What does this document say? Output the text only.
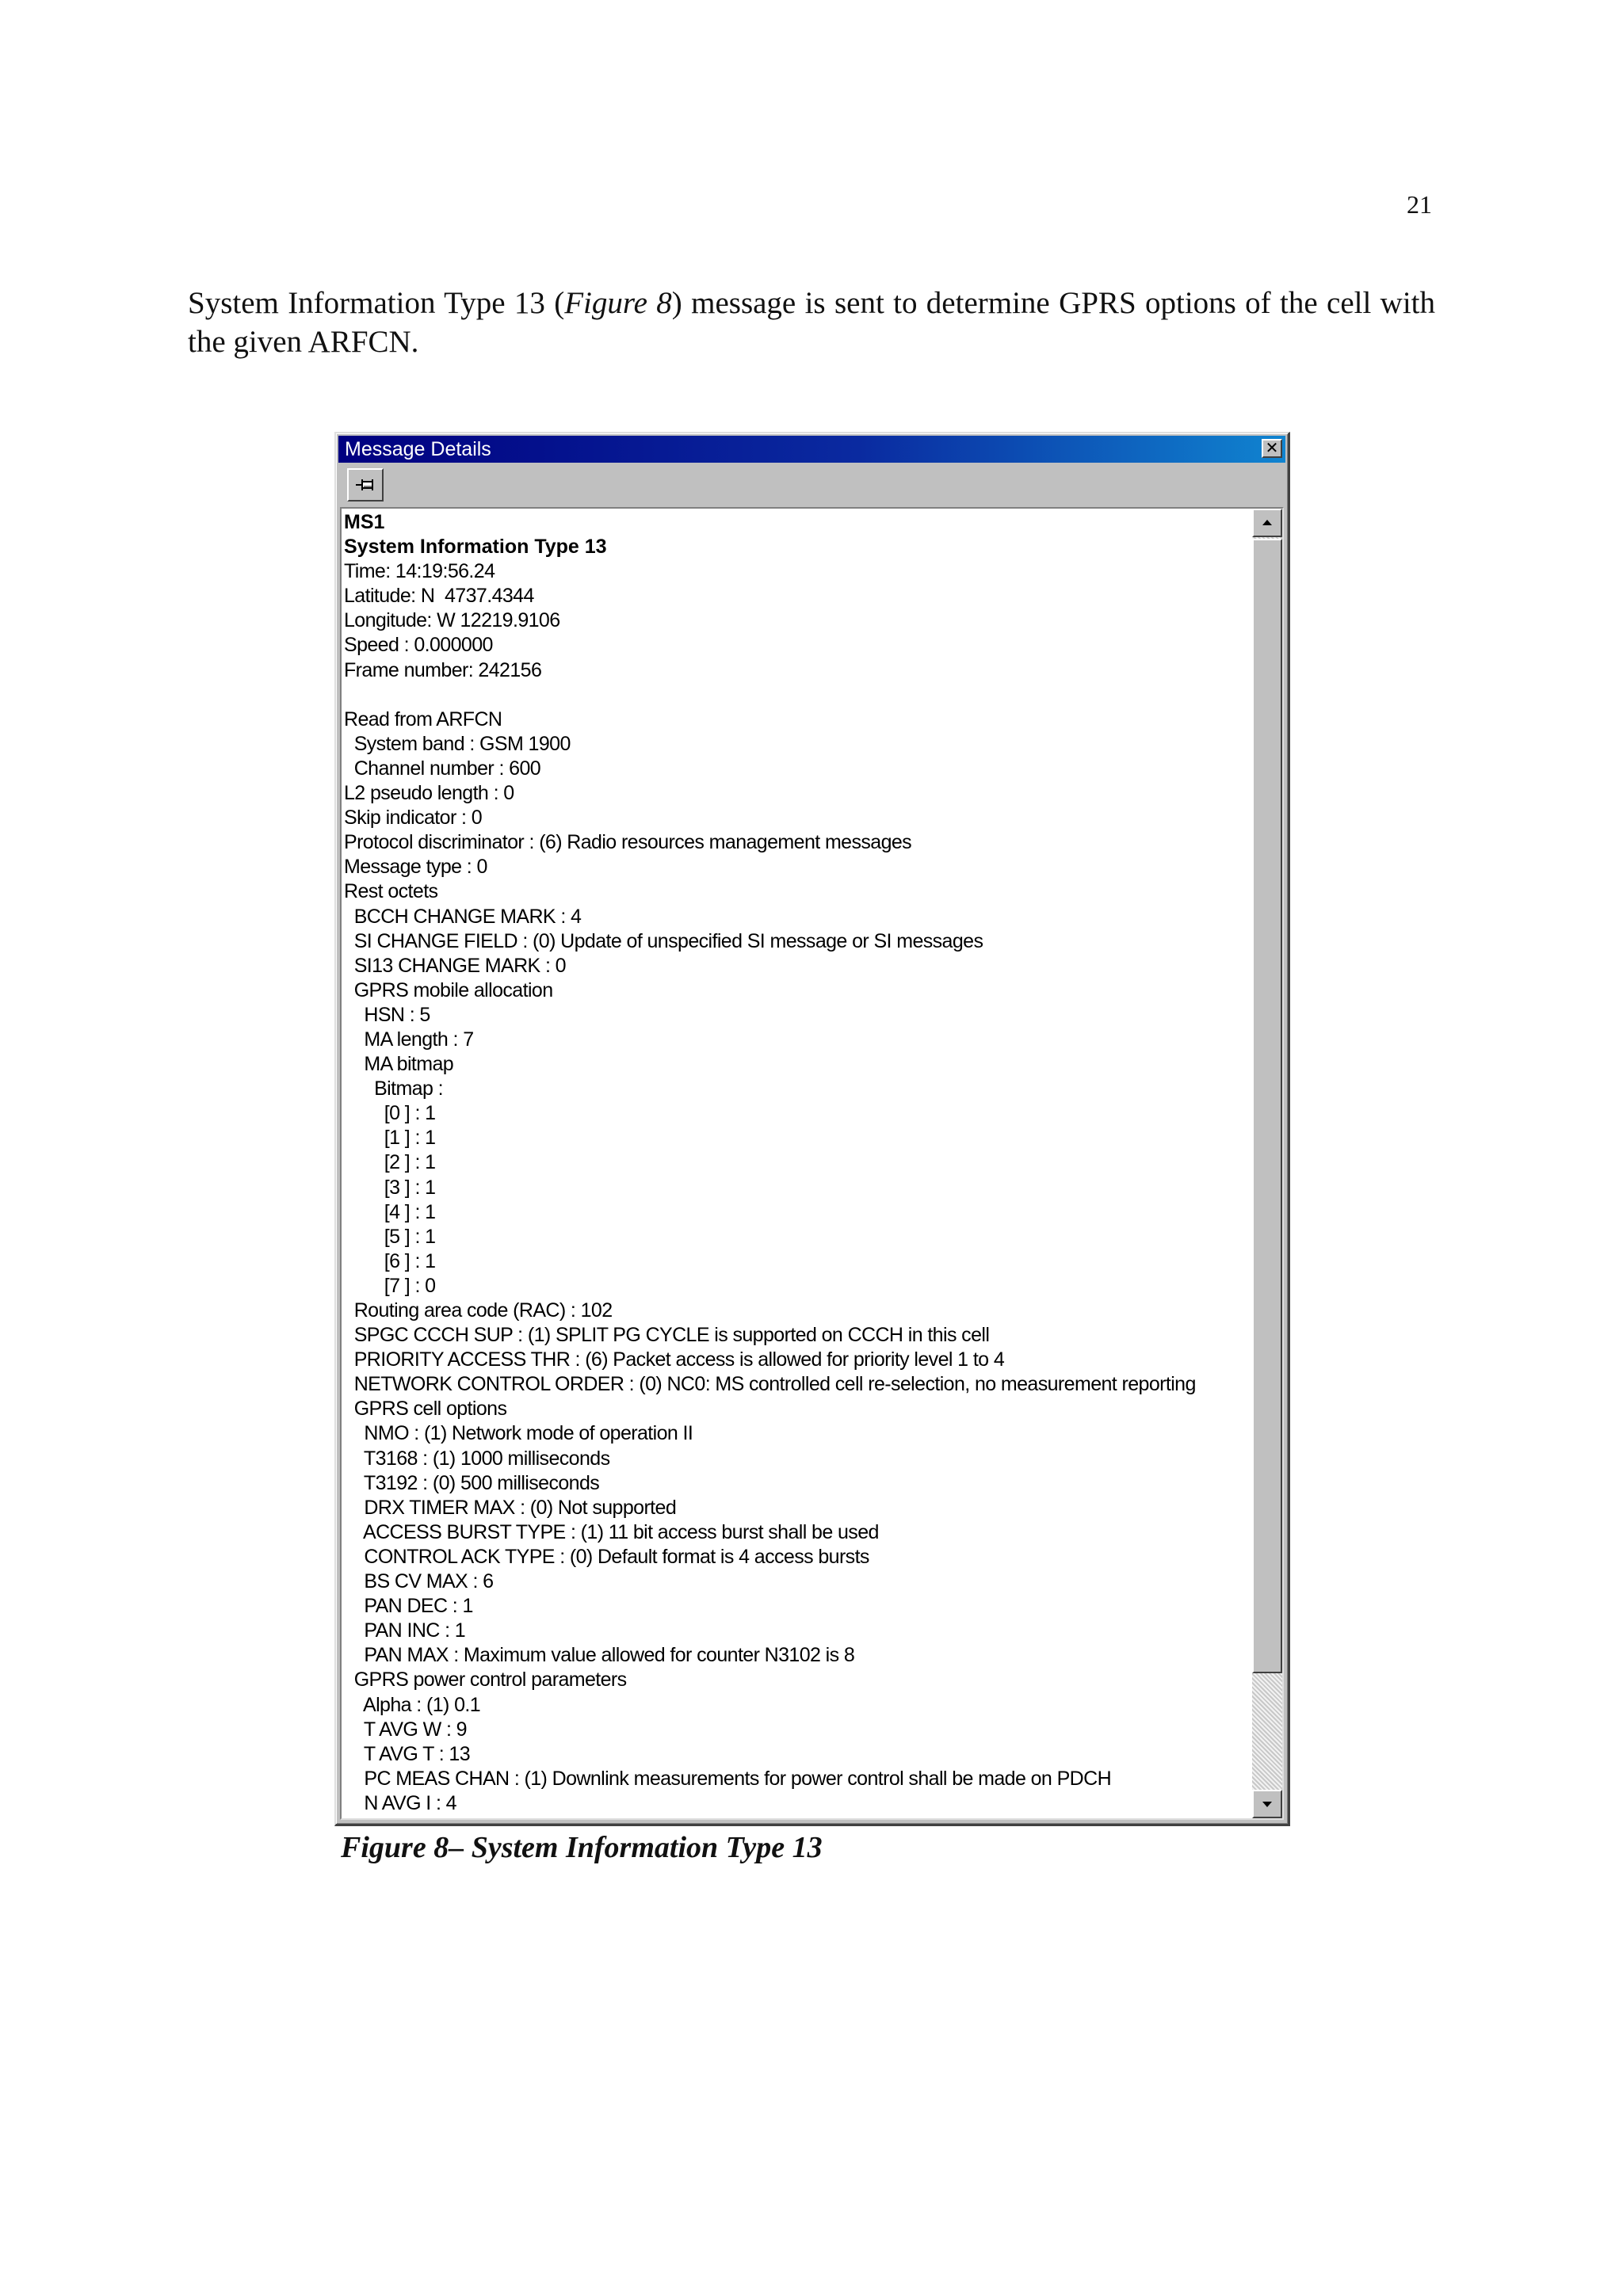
21
System Information Type 13 (Figure 8) message is sent to determine GPRS options of the cell with the given ARFCN.
Message Details	✕
MS1
System Information Type 13
Time: 14:19:56.24
Latitude: N  4737.4344
Longitude: W 12219.9106
Speed : 0.000000
Frame number: 242156
Read from ARFCN
System band : GSM 1900
Channel number : 600
L2 pseudo length : 0
Skip indicator : 0
Protocol discriminator : (6) Radio resources management messages
Message type : 0
Rest octets
BCCH CHANGE MARK : 4
SI CHANGE FIELD : (0) Update of unspecified SI message or SI messages
SI13 CHANGE MARK : 0
GPRS mobile allocation
HSN : 5
MA length : 7
MA bitmap
Bitmap :
[0 ] : 1
[1 ] : 1
[2 ] : 1
[3 ] : 1
[4 ] : 1
[5 ] : 1
[6 ] : 1
[7 ] : 0
Routing area code (RAC) : 102
SPGC CCCH SUP : (1) SPLIT PG CYCLE is supported on CCCH in this cell
PRIORITY ACCESS THR : (6) Packet access is allowed for priority level 1 to 4
NETWORK CONTROL ORDER : (0) NC0: MS controlled cell re-selection, no measurement reporting
GPRS cell options
NMO : (1) Network mode of operation II
T3168 : (1) 1000 milliseconds
T3192 : (0) 500 milliseconds
DRX TIMER MAX : (0) Not supported
ACCESS BURST TYPE : (1) 11 bit access burst shall be used
CONTROL ACK TYPE : (0) Default format is 4 access bursts
BS CV MAX : 6
PAN DEC : 1
PAN INC : 1
PAN MAX : Maximum value allowed for counter N3102 is 8
GPRS power control parameters
Alpha : (1) 0.1
T AVG W : 9
T AVG T : 13
PC MEAS CHAN : (1) Downlink measurements for power control shall be made on PDCH
N AVG I : 4
Figure 8– System Information Type 13
